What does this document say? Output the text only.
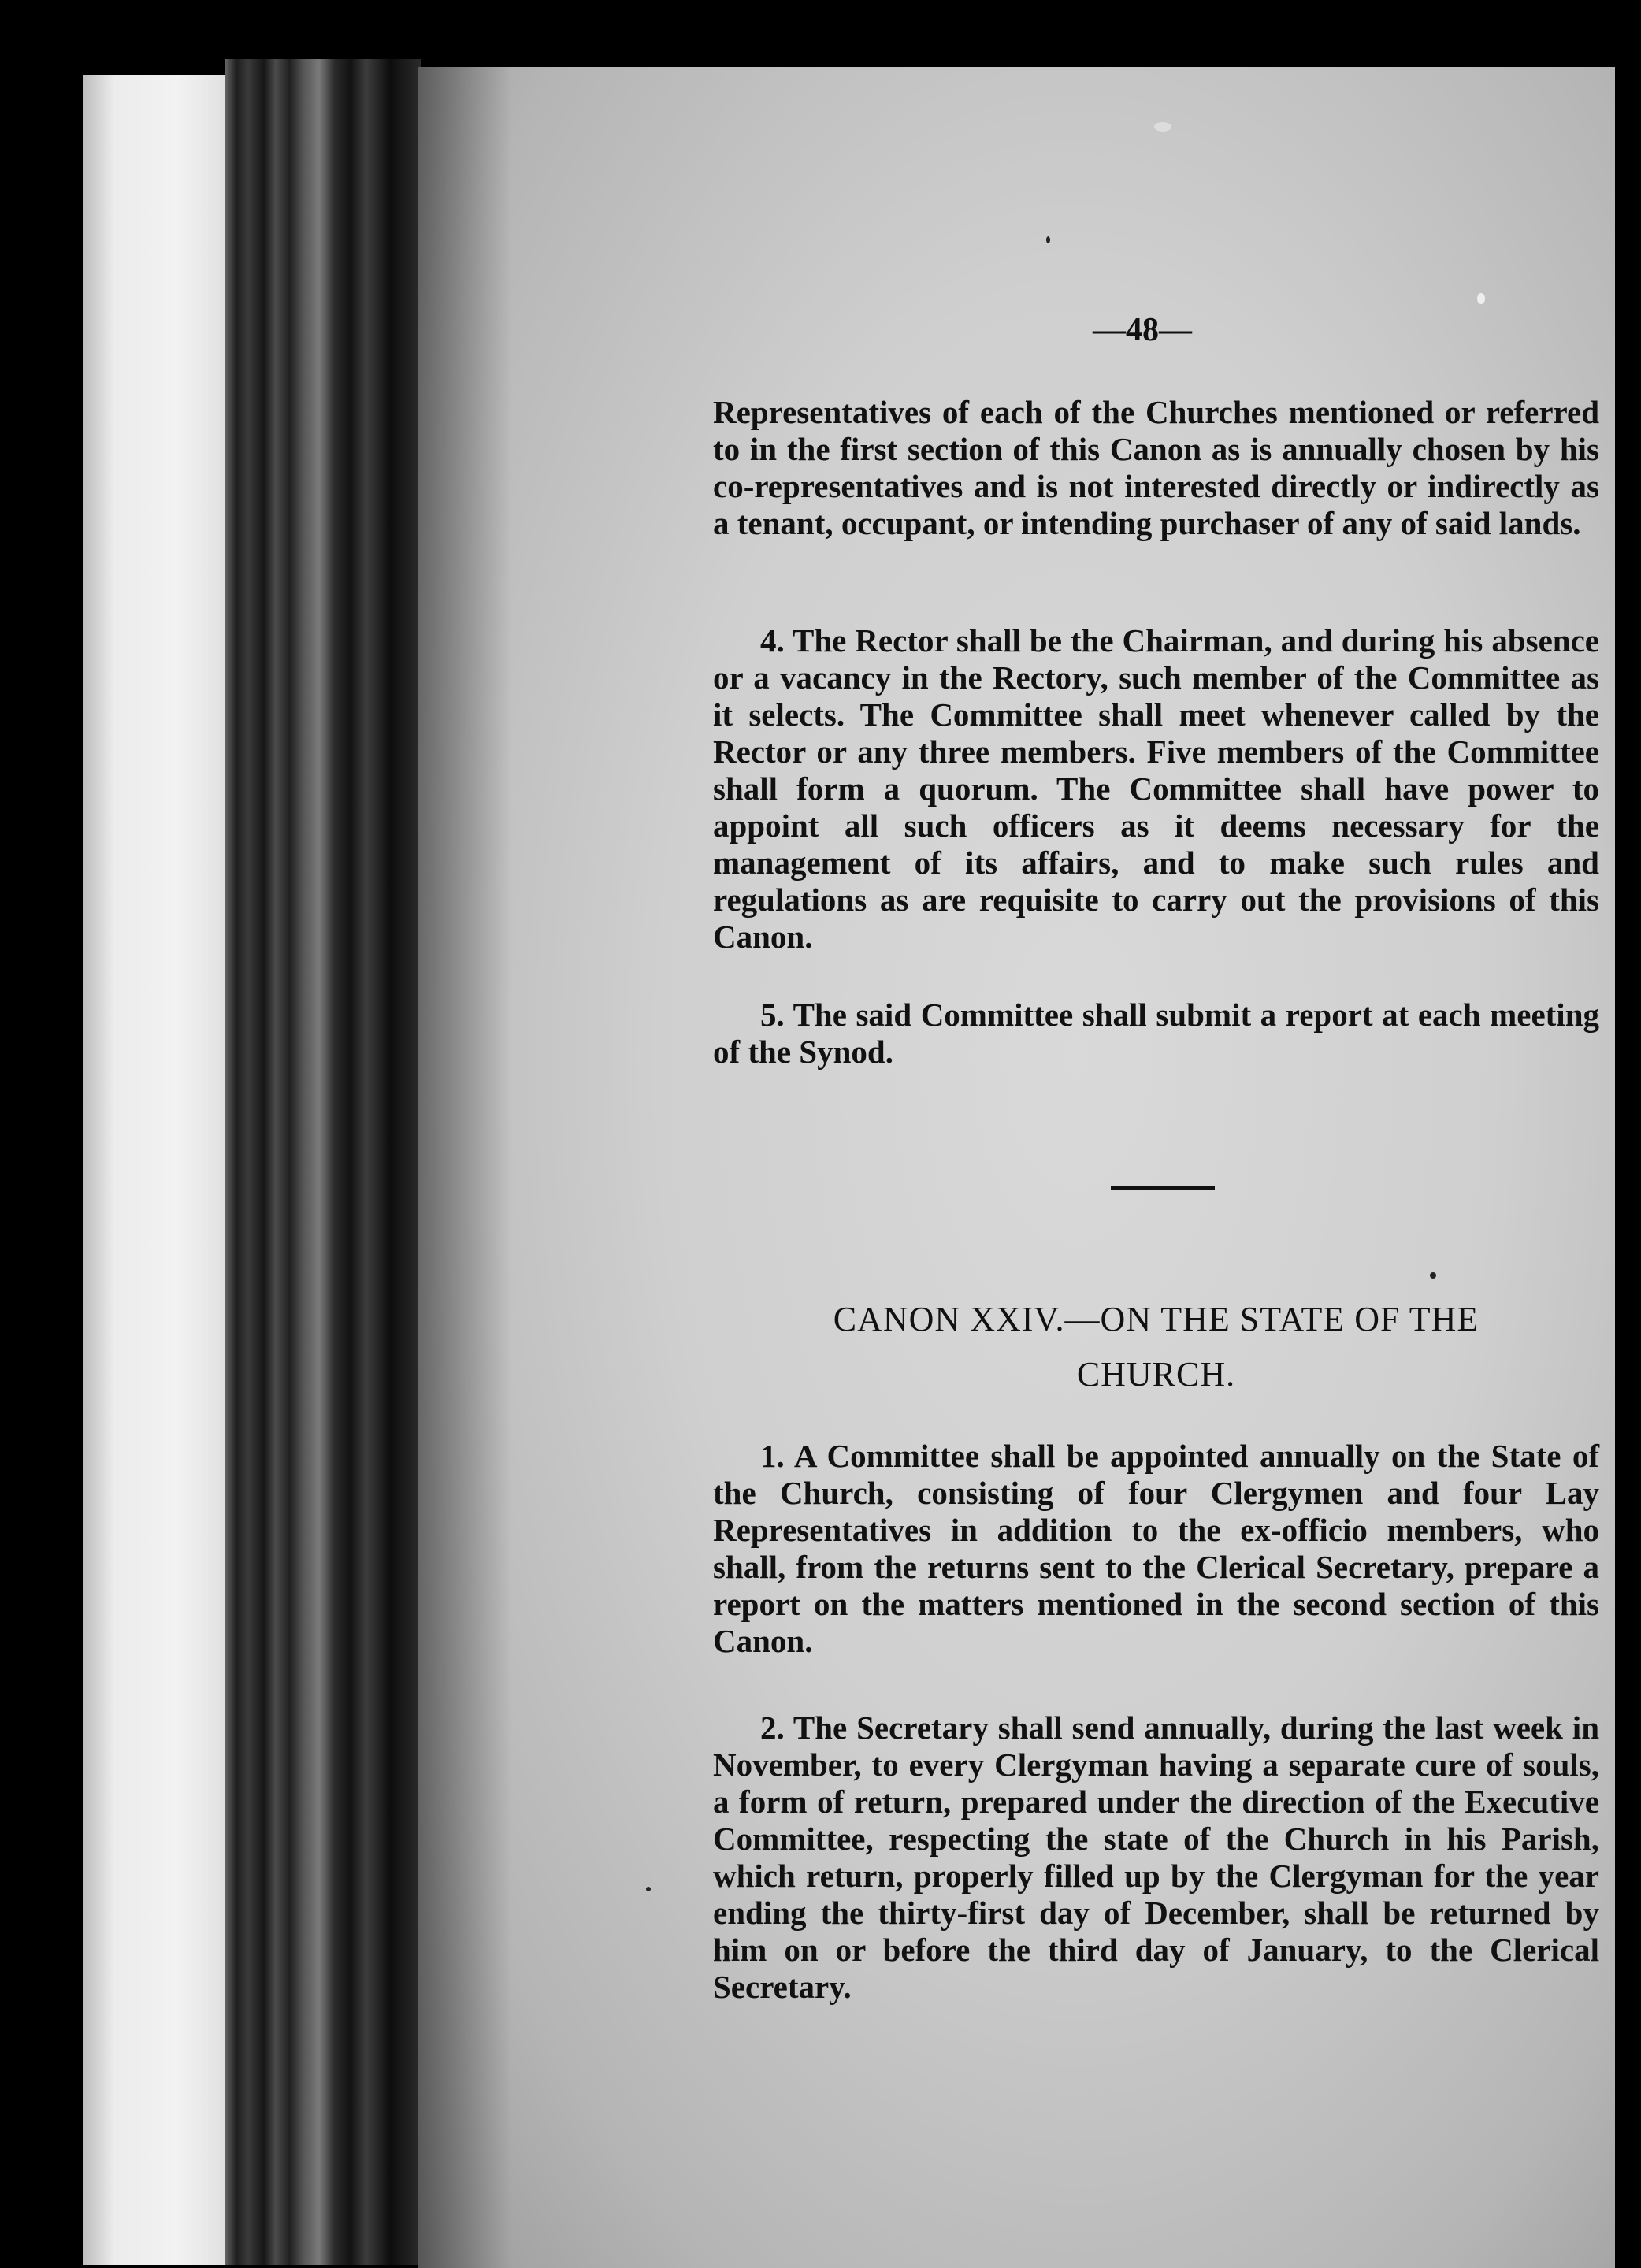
—48—
Representatives of each of the Churches mentioned or referred to in the first section of this Canon as is annually chosen by his co-representatives and is not interested directly or indirectly as a tenant, occupant, or intending purchaser of any of said lands.
4. The Rector shall be the Chairman, and during his absence or a vacancy in the Rectory, such member of the Committee as it selects. The Committee shall meet whenever called by the Rector or any three members. Five members of the Committee shall form a quorum. The Committee shall have power to appoint all such officers as it deems necessary for the management of its affairs, and to make such rules and regulations as are requisite to carry out the provisions of this Canon.
5. The said Committee shall submit a report at each meeting of the Synod.
CANON XXIV.—ON THE STATE OF THE
CHURCH.
1. A Committee shall be appointed annually on the State of the Church, consisting of four Clergymen and four Lay Representatives in addition to the ex-officio members, who shall, from the returns sent to the Clerical Secretary, prepare a report on the matters mentioned in the second section of this Canon.
2. The Secretary shall send annually, during the last week in November, to every Clergyman having a separate cure of souls, a form of return, prepared under the direction of the Executive Committee, respecting the state of the Church in his Parish, which return, properly filled up by the Clergyman for the year ending the thirty-first day of December, shall be returned by him on or before the third day of January, to the Clerical Secretary.
